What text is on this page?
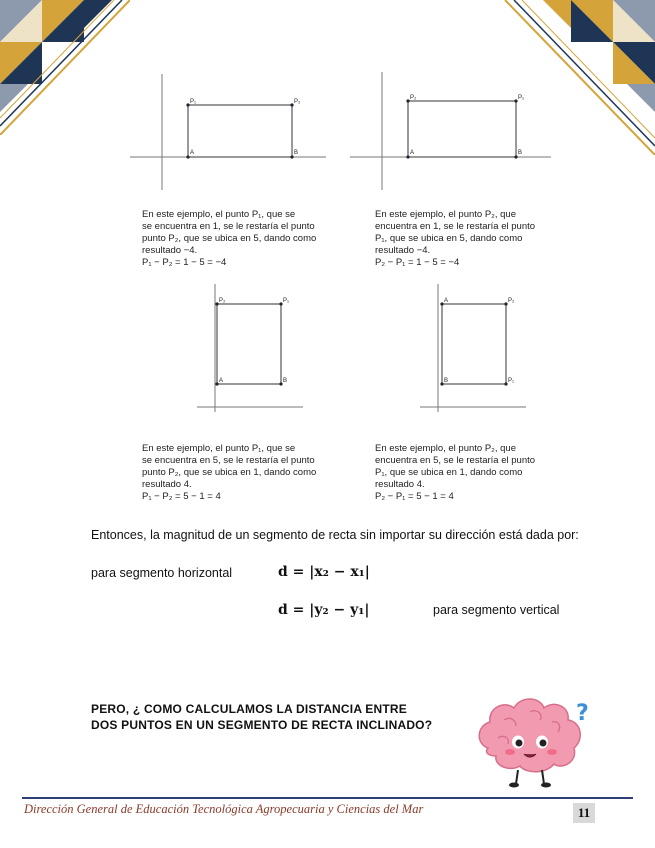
P₁	P₂
A	B
P₂	P₁
A	B
En este ejemplo, el punto P₁, que se
se encuentra en 1, se le restaría el punto
punto P₂, que se ubica en 5, dando como
resultado −4.
P₁ − P₂ = 1 − 5 = −4
En este ejemplo, el punto P₂, que
encuentra en 1, se le restaría el punto
P₁, que se ubica en 5, dando como
resultado −4.
P₂ − P₁ = 1 − 5 = −4
P₂	P₁
A	B
P₂
P₁
A
B
En este ejemplo, el punto P₁, que se
se encuentra en 5, se le restaría el punto
punto P₂, que se ubica en 1, dando como
resultado 4.
P₁ − P₂ = 5 − 1 = 4
En este ejemplo, el punto P₂, que
encuentra en 5, se le restaría el punto
P₁, que se ubica en 1, dando como
resultado 4.
P₂ − P₁ = 5 − 1 = 4
Entonces, la magnitud de un segmento de recta sin importar su dirección está dada por:
para segmento horizontal	d = |x₂ − x₁|
d = |y₂ − y₁|	para segmento vertical
PERO, ¿ COMO CALCULAMOS LA DISTANCIA ENTRE
DOS PUNTOS EN UN SEGMENTO DE RECTA INCLINADO?	?
Dirección General de Educación Tecnológica Agropecuaria y Ciencias del Mar	11
